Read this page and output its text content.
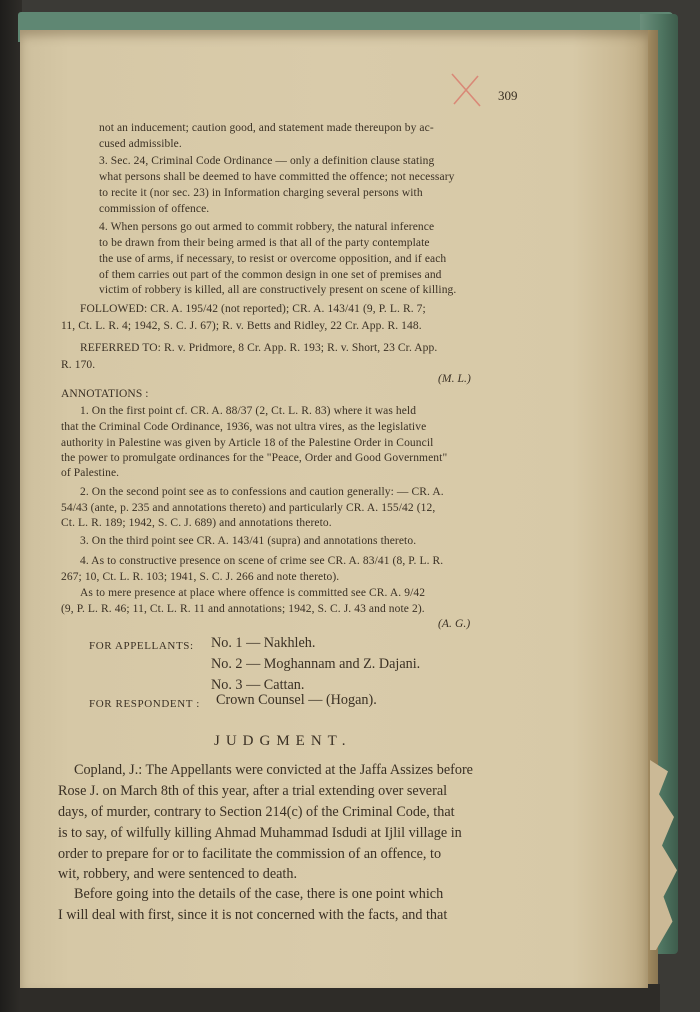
309
not an inducement; caution good, and statement made thereupon by ac-
cused admissible.
3. Sec. 24, Criminal Code Ordinance — only a definition clause stating
what persons shall be deemed to have committed the offence; not necessary
to recite it (nor sec. 23) in Information charging several persons with
commission of offence.
4. When persons go out armed to commit robbery, the natural inference
to be drawn from their being armed is that all of the party contemplate
the use of arms, if necessary, to resist or overcome opposition, and if each
of them carries out part of the common design in one set of premises and
victim of robbery is killed, all are constructively present on scene of killing.
FOLLOWED: CR. A. 195/42 (not reported); CR. A. 143/41 (9, P. L. R. 7;
11, Ct. L. R. 4; 1942, S. C. J. 67); R. v. Betts and Ridley, 22 Cr. App. R. 148.
REFERRED TO: R. v. Pridmore, 8 Cr. App. R. 193; R. v. Short, 23 Cr. App.
R. 170.
(M. L.)
ANNOTATIONS :
1. On the first point cf. CR. A. 88/37 (2, Ct. L. R. 83) where it was held
that the Criminal Code Ordinance, 1936, was not ultra vires, as the legislative
authority in Palestine was given by Article 18 of the Palestine Order in Council
the power to promulgate ordinances for the "Peace, Order and Good Government"
of Palestine.
2. On the second point see as to confessions and caution generally: — CR. A.
54/43 (ante, p. 235 and annotations thereto) and particularly CR. A. 155/42 (12,
Ct. L. R. 189; 1942, S. C. J. 689) and annotations thereto.
3. On the third point see CR. A. 143/41 (supra) and annotations thereto.
4. As to constructive presence on scene of crime see CR. A. 83/41 (8, P. L. R.
267; 10, Ct. L. R. 103; 1941, S. C. J. 266 and note thereto).
As to mere presence at place where offence is committed see CR. A. 9/42
(9, P. L. R. 46; 11, Ct. L. R. 11 and annotations; 1942, S. C. J. 43 and note 2).
(A. G.)
FOR APPELLANTS: No. 1 — Nakhleh.
No. 2 — Moghannam and Z. Dajani.
No. 3 — Cattan.
FOR RESPONDENT : Crown Counsel — (Hogan).
JUDGMENT.
Copland, J.: The Appellants were convicted at the Jaffa Assizes before
Rose J. on March 8th of this year, after a trial extending over several
days, of murder, contrary to Section 214(c) of the Criminal Code, that
is to say, of wilfully killing Ahmad Muhammad Isdudi at Ijlil village in
order to prepare for or to facilitate the commission of an offence, to
wit, robbery, and were sentenced to death.
Before going into the details of the case, there is one point which
I will deal with first, since it is not concerned with the facts, and that
